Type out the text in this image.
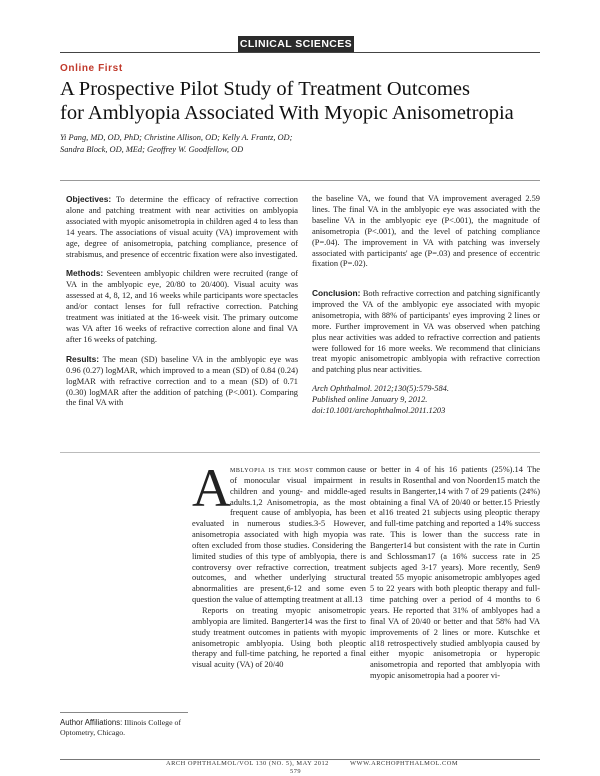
CLINICAL SCIENCES
Online First
A Prospective Pilot Study of Treatment Outcomes
for Amblyopia Associated With Myopic Anisometropia
Yi Pang, MD, OD, PhD; Christine Allison, OD; Kelly A. Frantz, OD;
Sandra Block, OD, MEd; Geoffrey W. Goodfellow, OD

Objectives: To determine the efficacy of refractive correction alone and patching treatment with near activities on amblyopia associated with myopic anisometropia in children aged 4 to less than 14 years. The associations of visual acuity (VA) improvement with age, degree of anisometropia, patching compliance, presence of strabismus, and presence of eccentric fixation were also investigated.

Methods: Seventeen amblyopic children were recruited (range of VA in the amblyopic eye, 20/80 to 20/400). Visual acuity was assessed at 4, 8, 12, and 16 weeks while participants wore spectacles and/or contact lenses for full refractive correction. Patching treatment was initiated at the 16-week visit. The primary outcome was VA after 16 weeks of refractive correction alone and final VA after 16 weeks of patching.

Results: The mean (SD) baseline VA in the amblyopic eye was 0.96 (0.27) logMAR, which improved to a mean (SD) of 0.84 (0.24) logMAR with refractive correction and to a mean (SD) of 0.71 (0.30) logMAR after the addition of patching (P<.001). Comparing the final VA with

the baseline VA, we found that VA improvement averaged 2.59 lines. The final VA in the amblyopic eye was associated with the baseline VA in the amblyopic eye (P<.001), the magnitude of anisometropia (P<.001), and the level of patching compliance (P=.04). The improvement in VA with patching was inversely associated with participants' age (P=.03) and presence of eccentric fixation (P=.02).

Conclusion: Both refractive correction and patching significantly improved the VA of the amblyopic eye associated with myopic anisometropia, with 88% of participants' eyes improving 2 lines or more. Further improvement in VA was observed when patching plus near activities was added to refractive correction and patients were followed for 16 more weeks. We recommend that clinicians treat myopic anisometropic amblyopia with refractive correction and patching plus near activities.

Arch Ophthalmol. 2012;130(5):579-584.
Published online January 9, 2012.
doi:10.1001/archophthalmol.2011.1203

A mblyopia is the most common cause of monocular visual impairment in children and young- and middle-aged adults.1,2 Anisometropia, as the most frequent cause of amblyopia, has been evaluated in numerous studies.3-5 However, anisometropia associated with high myopia was often excluded from those studies. Considering the limited studies of this type of amblyopia, there is controversy over refractive correction, treatment outcomes, and whether underlying structural abnormalities are present,6-12 and some even question the value of attempting treatment at all.13

Reports on treating myopic anisometropic amblyopia are limited. Bangerter14 was the first to study treatment outcomes in patients with myopic anisometropic amblyopia. Using both pleoptic therapy and full-time patching, he reported a final visual acuity (VA) of 20/40

or better in 4 of his 16 patients (25%).14 The results in Rosenthal and von Noorden15 match the results in Bangerter,14 with 7 of 29 patients (24%) obtaining a final VA of 20/40 or better.15 Priestly et al16 treated 21 subjects using pleoptic therapy and full-time patching and reported a 14% success rate. This is lower than the success rate in Bangerter14 but consistent with the rate in Curtin and Schlossman17 (a 16% success rate in 25 subjects aged 3-17 years). More recently, Sen9 treated 55 myopic anisometropic amblyopes aged 5 to 22 years with both pleoptic therapy and full-time patching over a period of 4 months to 6 years. He reported that 31% of amblyopes had a final VA of 20/40 or better and that 58% had VA improvements of 2 lines or more. Kutschke et al18 retrospectively studied amblyopia caused by either myopic anisometropia or hyperopic anisometropia and reported that amblyopia with myopic anisometropia had a poorer vi-

Author Affiliations: Illinois College of Optometry, Chicago.
ARCH OPHTHALMOL/VOL 130 (NO. 5), MAY 2012	WWW.ARCHOPHTHALMOL.COM
579
